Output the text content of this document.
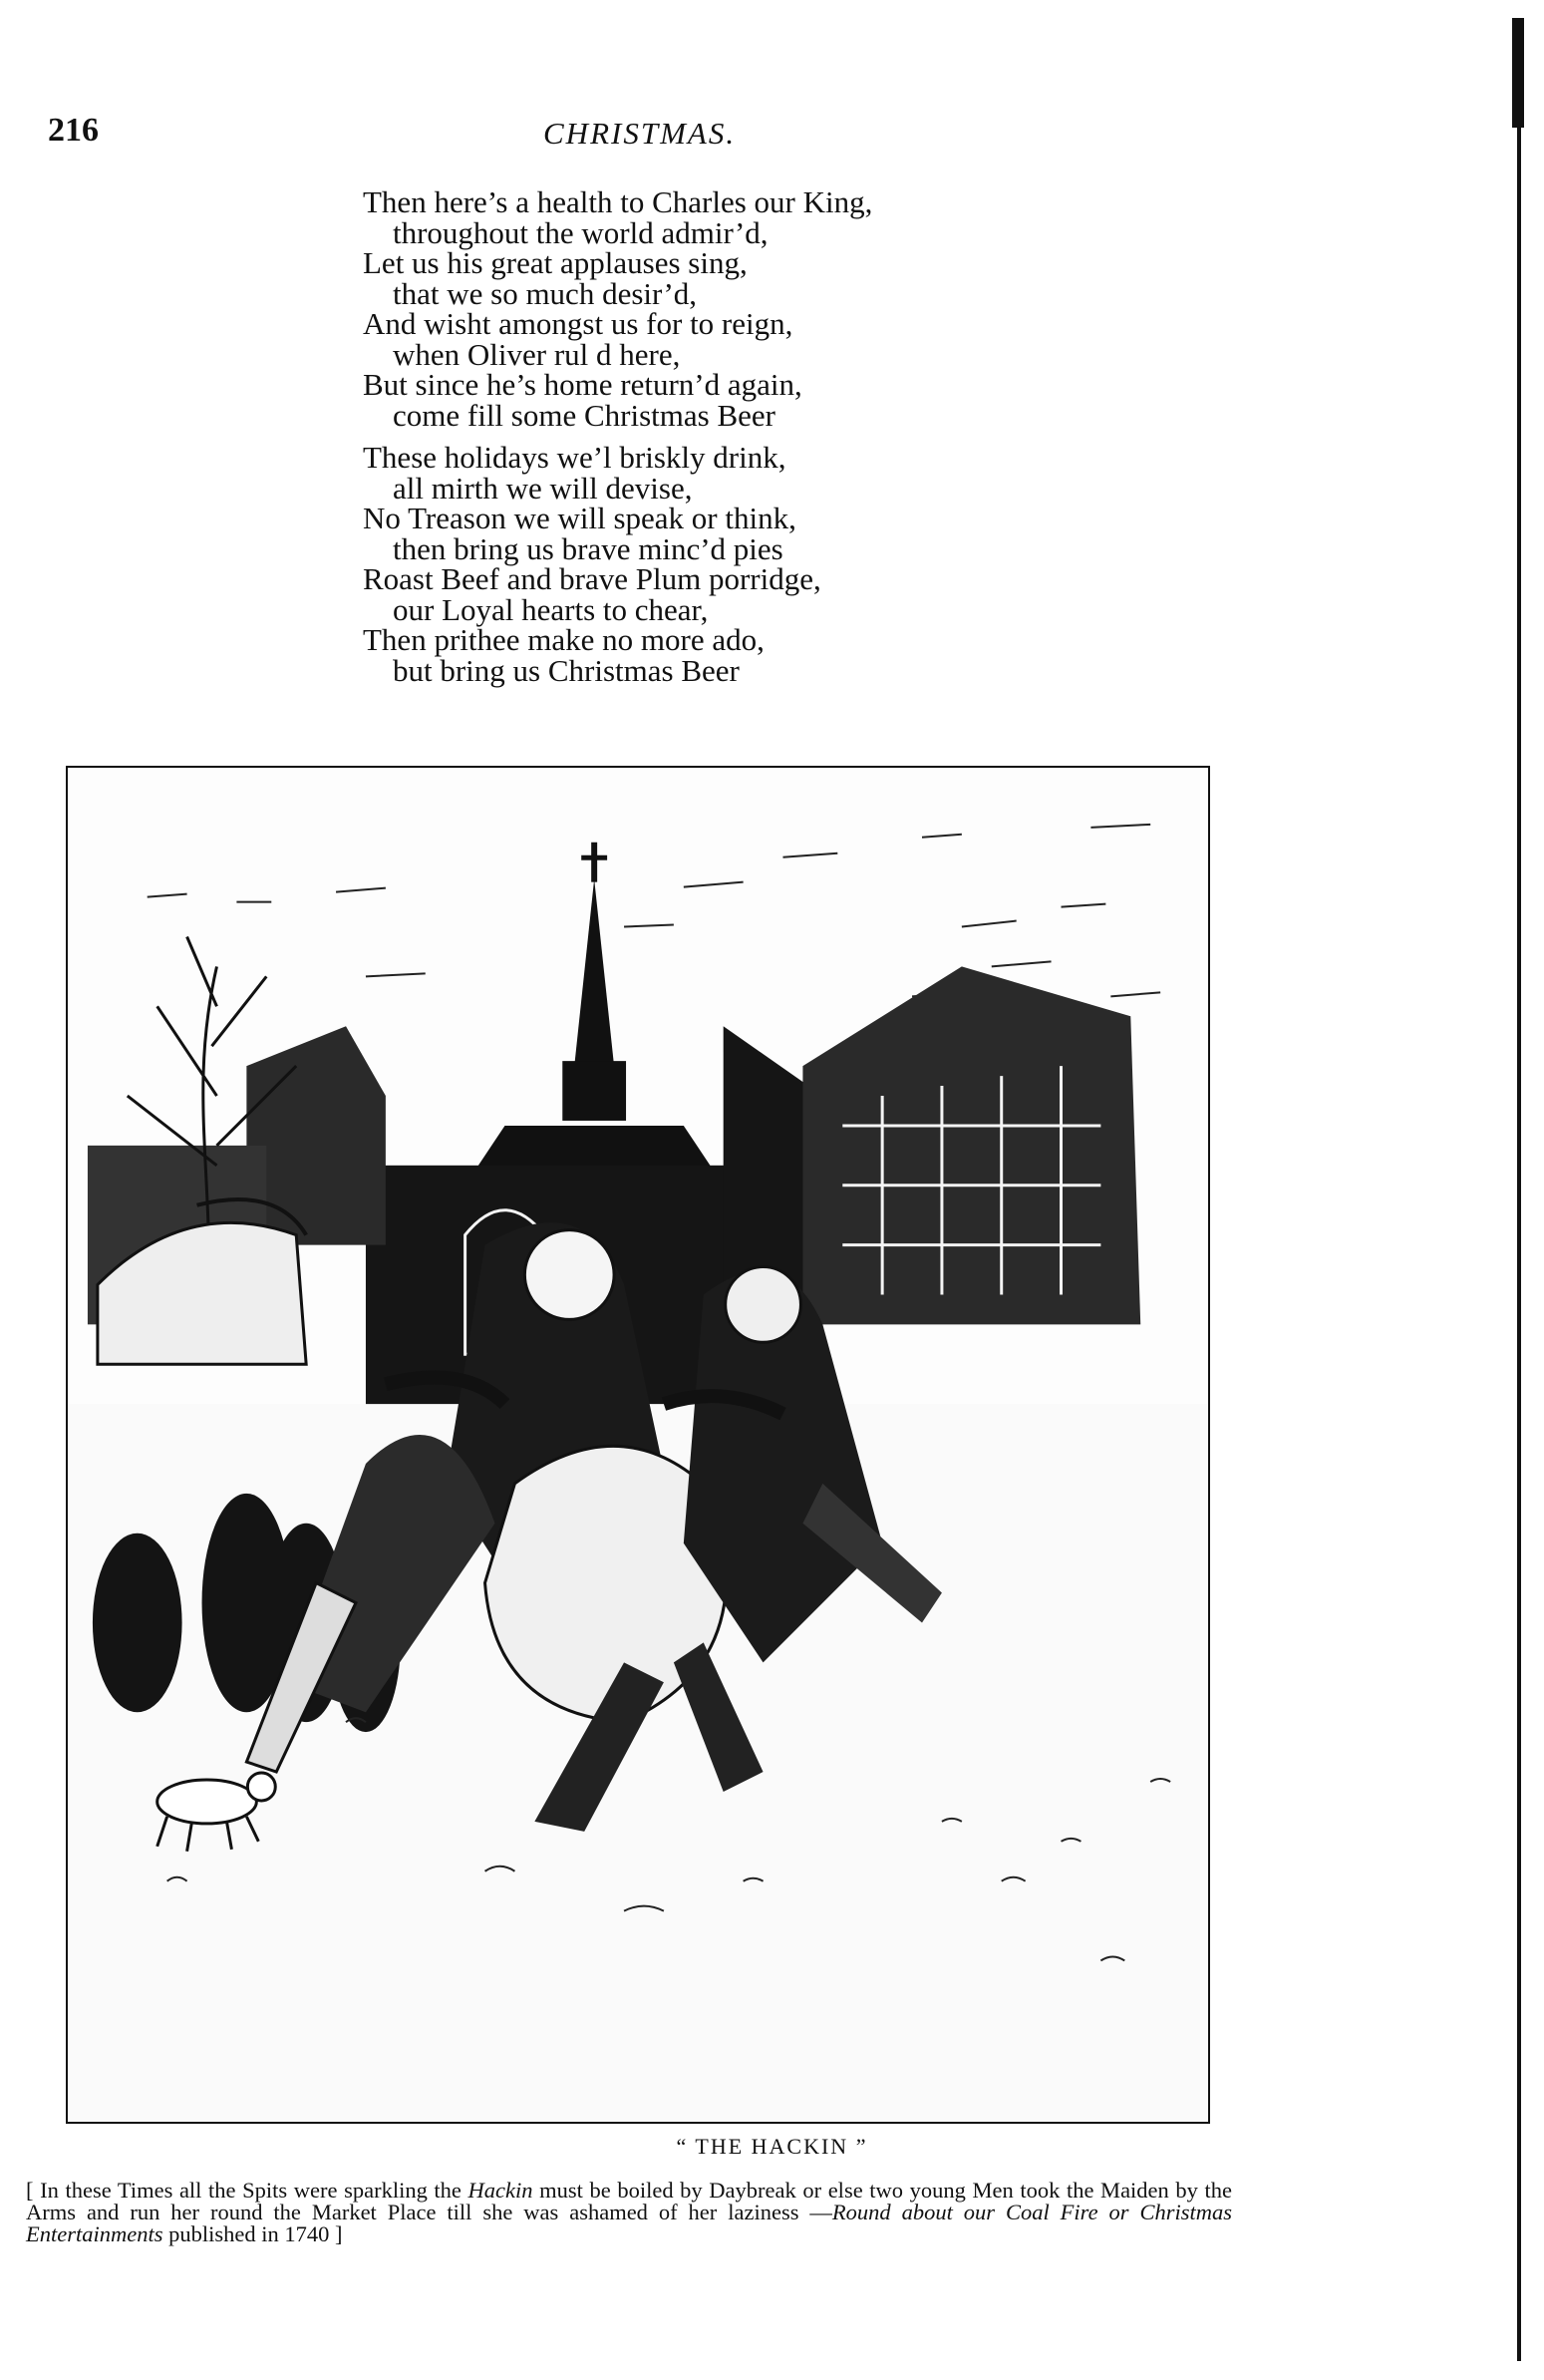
216	CHRISTMAS.
Then here’s a health to Charles our King,
throughout the world admir’d,
Let us his great applauses sing,
that we so much desir’d,
And wisht amongst us for to reign,
when Oliver rul d here,
But since he’s home return’d again,
come fill some Christmas Beer
These holidays we’l briskly drink,
all mirth we will devise,
No Treason we will speak or think,
then bring us brave minc’d pies
Roast Beef and brave Plum porridge,
our Loyal hearts to chear,
Then prithee make no more ado,
but bring us Christmas Beer
“ THE HACKIN ”
[ In these Times all the Spits were sparkling the Hackin must be boiled by Daybreak or else two young Men took the Maiden by the Arms and run her round the Market Place till she was ashamed of her laziness —Round about our Coal Fire or Christmas Entertainments published in 1740 ]
